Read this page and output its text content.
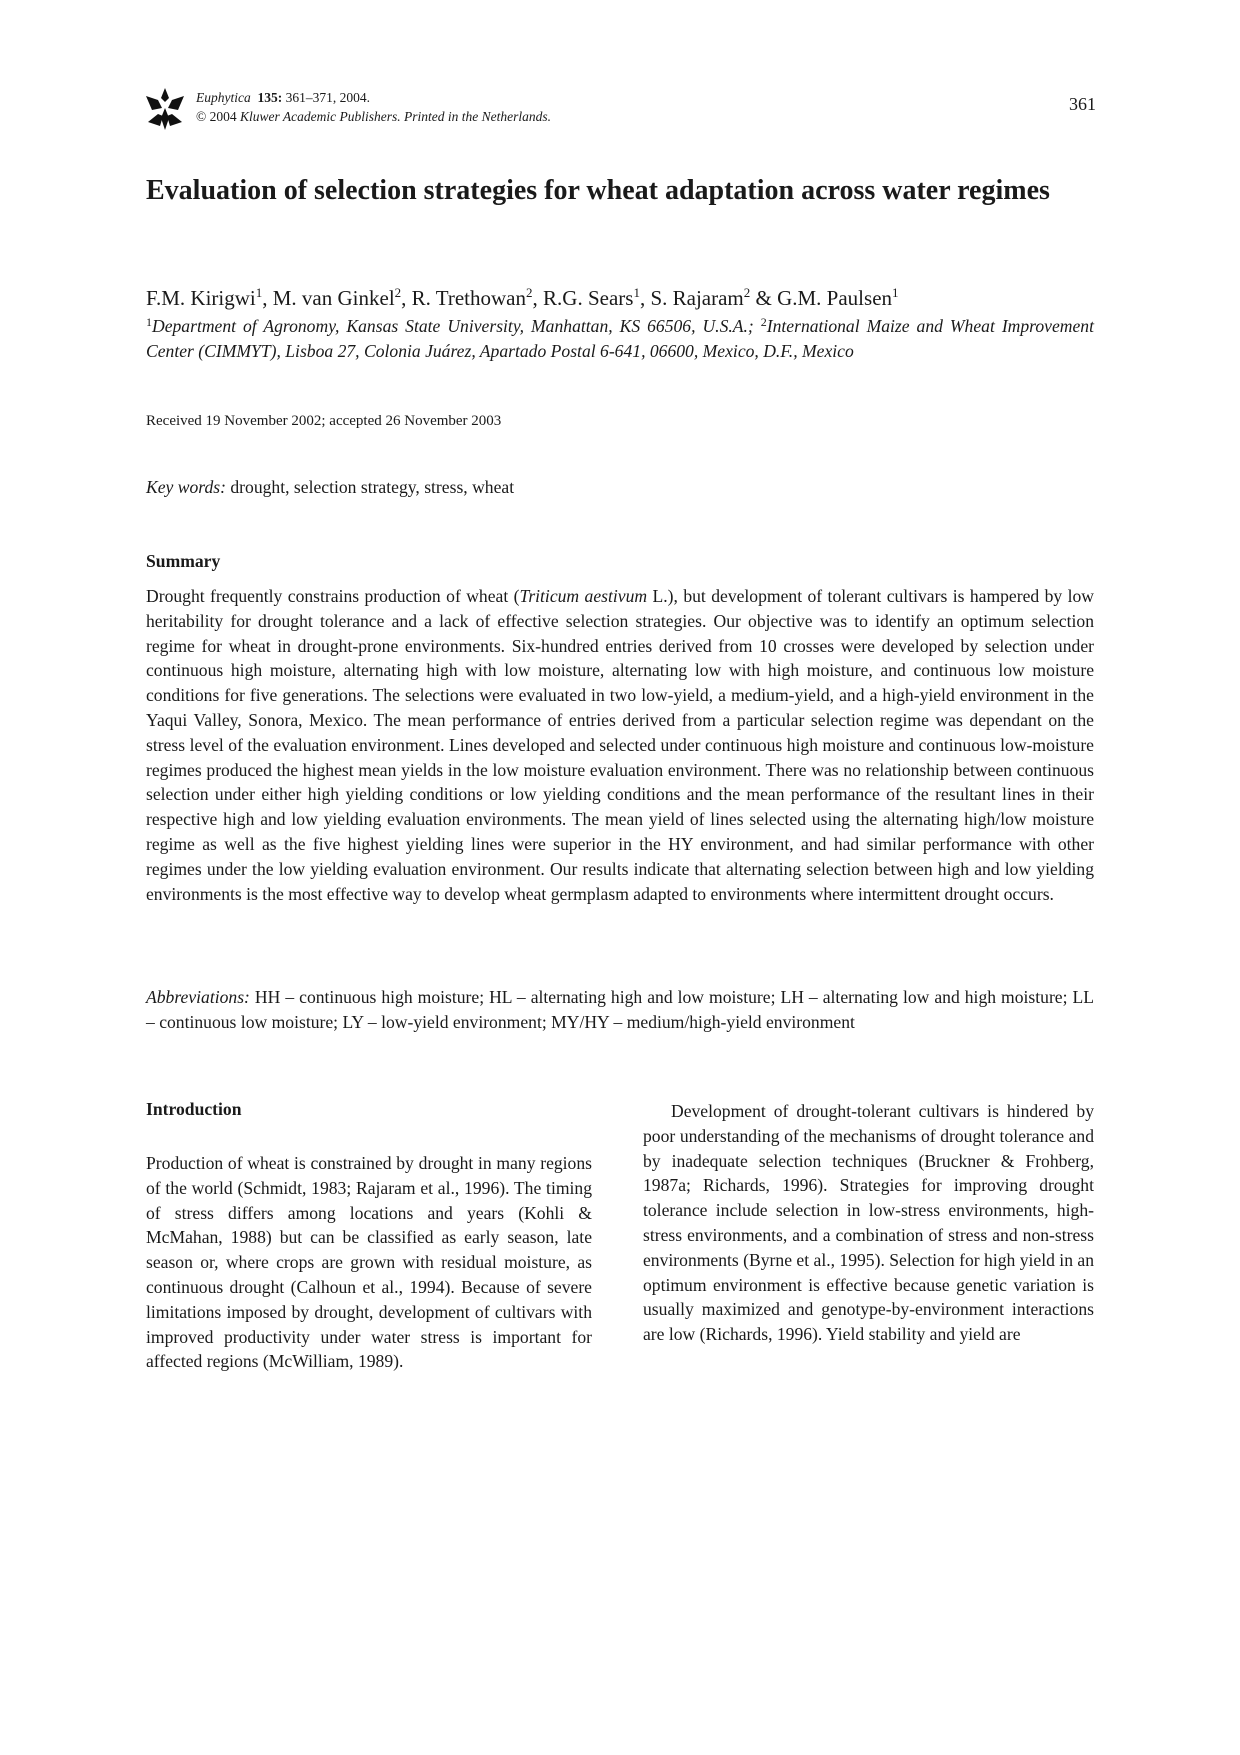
Euphytica 135: 361–371, 2004.
© 2004 Kluwer Academic Publishers. Printed in the Netherlands.
361
Evaluation of selection strategies for wheat adaptation across water regimes
F.M. Kirigwi$^1$, M. van Ginkel$^2$, R. Trethowan$^2$, R.G. Sears$^1$, S. Rajaram$^2$ & G.M. Paulsen$^1$
$^1$Department of Agronomy, Kansas State University, Manhattan, KS 66506, U.S.A.; $^2$International Maize and Wheat Improvement Center (CIMMYT), Lisboa 27, Colonia Juárez, Apartado Postal 6-641, 06600, Mexico, D.F., Mexico
Received 19 November 2002; accepted 26 November 2003
Key words: drought, selection strategy, stress, wheat
Summary

Drought frequently constrains production of wheat (Triticum aestivum L.), but development of tolerant cultivars is hampered by low heritability for drought tolerance and a lack of effective selection strategies. Our objective was to identify an optimum selection regime for wheat in drought-prone environments. Six-hundred entries derived from 10 crosses were developed by selection under continuous high moisture, alternating high with low moisture, alternating low with high moisture, and continuous low moisture conditions for five generations. The selections were evaluated in two low-yield, a medium-yield, and a high-yield environment in the Yaqui Valley, Sonora, Mexico. The mean performance of entries derived from a particular selection regime was dependant on the stress level of the evaluation environment. Lines developed and selected under continuous high moisture and continuous low-moisture regimes produced the highest mean yields in the low moisture evaluation environment. There was no relationship between continuous selection under either high yielding conditions or low yielding conditions and the mean performance of the resultant lines in their respective high and low yielding evaluation environments. The mean yield of lines selected using the alternating high/low moisture regime as well as the five highest yielding lines were superior in the HY environment, and had similar performance with other regimes under the low yielding evaluation environment. Our results indicate that alternating selection between high and low yielding environments is the most effective way to develop wheat germplasm adapted to environments where intermittent drought occurs.

Abbreviations: HH – continuous high moisture; HL – alternating high and low moisture; LH – alternating low and high moisture; LL – continuous low moisture; LY – low-yield environment; MY/HY – medium/high-yield environment

Introduction

Production of wheat is constrained by drought in many regions of the world (Schmidt, 1983; Rajaram et al., 1996). The timing of stress differs among locations and years (Kohli & McMahan, 1988) but can be classified as early season, late season or, where crops are grown with residual moisture, as continuous drought (Calhoun et al., 1994). Because of severe limitations imposed by drought, development of cultivars with improved productivity under water stress is important for affected regions (McWilliam, 1989).

Development of drought-tolerant cultivars is hindered by poor understanding of the mechanisms of drought tolerance and by inadequate selection techniques (Bruckner & Frohberg, 1987a; Richards, 1996). Strategies for improving drought tolerance include selection in low-stress environments, high-stress environments, and a combination of stress and non-stress environments (Byrne et al., 1995). Selection for high yield in an optimum environment is effective because genetic variation is usually maximized and genotype-by-environment interactions are low (Richards, 1996). Yield stability and yield are
